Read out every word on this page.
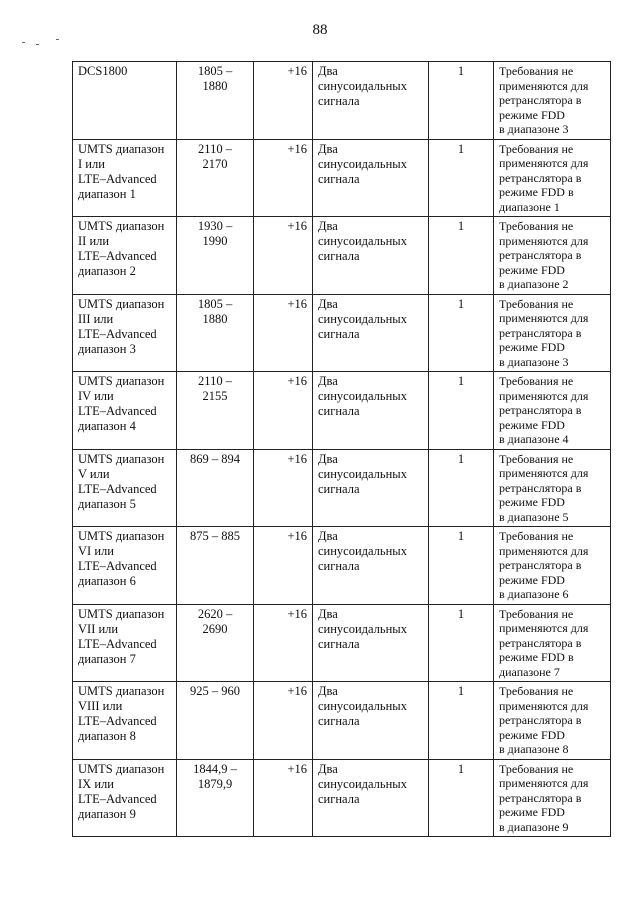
88
DCS1800	1805 –
1880	+16	Два
синусоидальных
сигнала	1	Требования не
применяются для
ретранслятора в
режиме FDD
в диапазоне 3
UMTS диапазон
I или
LTE–Advanced
диапазон 1	2110 –
2170	+16	Два
синусоидальных
сигнала	1	Требования не
применяются для
ретранслятора в
режиме FDD в
диапазоне 1
UMTS диапазон
II или
LTE–Advanced
диапазон 2	1930 –
1990	+16	Два
синусоидальных
сигнала	1	Требования не
применяются для
ретранслятора в
режиме FDD
в диапазоне 2
UMTS диапазон
III или
LTE–Advanced
диапазон 3	1805 –
1880	+16	Два
синусоидальных
сигнала	1	Требования не
применяются для
ретранслятора в
режиме FDD
в диапазоне 3
UMTS диапазон
IV или
LTE–Advanced
диапазон 4	2110 –
2155	+16	Два
синусоидальных
сигнала	1	Требования не
применяются для
ретранслятора в
режиме FDD
в диапазоне 4
UMTS диапазон
V или
LTE–Advanced
диапазон 5	869 – 894	+16	Два
синусоидальных
сигнала	1	Требования не
применяются для
ретранслятора в
режиме FDD
в диапазоне 5
UMTS диапазон
VI или
LTE–Advanced
диапазон 6	875 – 885	+16	Два
синусоидальных
сигнала	1	Требования не
применяются для
ретранслятора в
режиме FDD
в диапазоне 6
UMTS диапазон
VII или
LTE–Advanced
диапазон 7	2620 –
2690	+16	Два
синусоидальных
сигнала	1	Требования не
применяются для
ретранслятора в
режиме FDD в
диапазоне 7
UMTS диапазон
VIII или
LTE–Advanced
диапазон 8	925 – 960	+16	Два
синусоидальных
сигнала	1	Требования не
применяются для
ретранслятора в
режиме FDD
в диапазоне 8
UMTS диапазон
IX или
LTE–Advanced
диапазон 9	1844,9 –
1879,9	+16	Два
синусоидальных
сигнала	1	Требования не
применяются для
ретранслятора в
режиме FDD
в диапазоне 9
